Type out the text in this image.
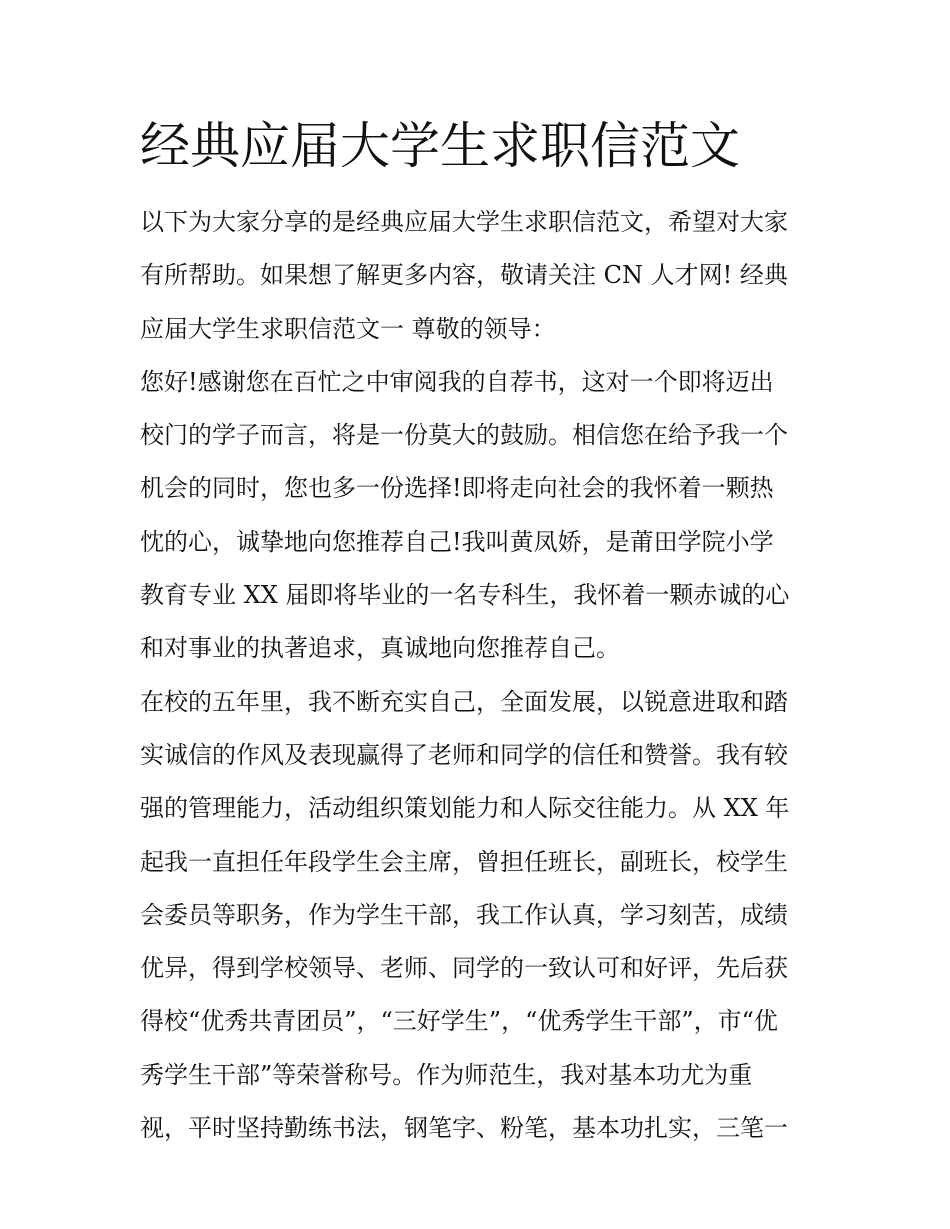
经典应届大学生求职信范文
以下为大家分享的是经典应届大学生求职信范文，希望对大家
有所帮助。如果想了解更多内容，敬请关注 CN 人才网! 经典
应届大学生求职信范文一 尊敬的领导：
您好!感谢您在百忙之中审阅我的自荐书，这对一个即将迈出
校门的学子而言，将是一份莫大的鼓励。相信您在给予我一个
机会的同时，您也多一份选择!即将走向社会的我怀着一颗热
忱的心，诚挚地向您推荐自己!我叫黄凤娇，是莆田学院小学
教育专业 XX 届即将毕业的一名专科生，我怀着一颗赤诚的心
和对事业的执著追求，真诚地向您推荐自己。
在校的五年里，我不断充实自己，全面发展，以锐意进取和踏
实诚信的作风及表现赢得了老师和同学的信任和赞誉。我有较
强的管理能力，活动组织策划能力和人际交往能力。从 XX 年
起我一直担任年段学生会主席，曾担任班长，副班长，校学生
会委员等职务，作为学生干部，我工作认真，学习刻苦，成绩
优异，得到学校领导、老师、同学的一致认可和好评，先后获
得校“优秀共青团员”，“三好学生”，“优秀学生干部”，市“优
秀学生干部”等荣誉称号。作为师范生，我对基本功尤为重
视，平时坚持勤练书法，钢笔字、粉笔，基本功扎实，三笔一
